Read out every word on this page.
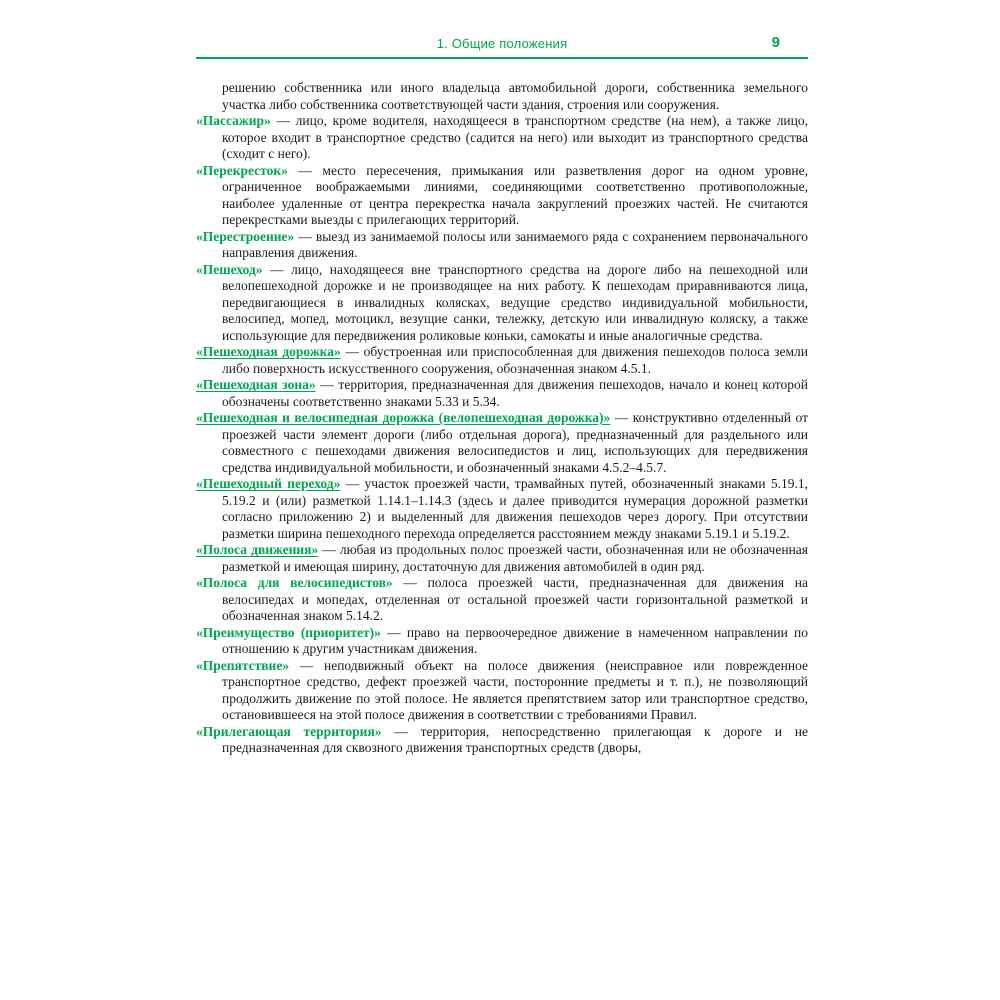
1. Общие положения	9

решению собственника или иного владельца автомобильной дороги, собственника земельного участка либо собственника соответствующей части здания, строения или сооружения.

«Пассажир» — лицо, кроме водителя, находящееся в транспортном средстве (на нем), а также лицо, которое входит в транспортное средство (садится на него) или выходит из транспортного средства (сходит с него).

«Перекресток» — место пересечения, примыкания или разветвления дорог на одном уровне, ограниченное воображаемыми линиями, соединяющими соответственно противоположные, наиболее удаленные от центра перекрестка начала закруглений проезжих частей. Не считаются перекрестками выезды с прилегающих территорий.

«Перестроение» — выезд из занимаемой полосы или занимаемого ряда с сохранением первоначального направления движения.

«Пешеход» — лицо, находящееся вне транспортного средства на дороге либо на пешеходной или велопешеходной дорожке и не производящее на них работу. К пешеходам приравниваются лица, передвигающиеся в инвалидных колясках, ведущие средство индивидуальной мобильности, велосипед, мопед, мотоцикл, везущие санки, тележку, детскую или инвалидную коляску, а также использующие для передвижения роликовые коньки, самокаты и иные аналогичные средства.

«Пешеходная дорожка» — обустроенная или приспособленная для движения пешеходов полоса земли либо поверхность искусственного сооружения, обозначенная знаком 4.5.1.

«Пешеходная зона» — территория, предназначенная для движения пешеходов, начало и конец которой обозначены соответственно знаками 5.33 и 5.34.

«Пешеходная и велосипедная дорожка (велопешеходная дорожка)» — конструктивно отделенный от проезжей части элемент дороги (либо отдельная дорога), предназначенный для раздельного или совместного с пешеходами движения велосипедистов и лиц, использующих для передвижения средства индивидуальной мобильности, и обозначенный знаками 4.5.2–4.5.7.

«Пешеходный переход» — участок проезжей части, трамвайных путей, обозначенный знаками 5.19.1, 5.19.2 и (или) разметкой 1.14.1–1.14.3 (здесь и далее приводится нумерация дорожной разметки согласно приложению 2) и выделенный для движения пешеходов через дорогу. При отсутствии разметки ширина пешеходного перехода определяется расстоянием между знаками 5.19.1 и 5.19.2.

«Полоса движения» — любая из продольных полос проезжей части, обозначенная или не обозначенная разметкой и имеющая ширину, достаточную для движения автомобилей в один ряд.

«Полоса для велосипедистов» — полоса проезжей части, предназначенная для движения на велосипедах и мопедах, отделенная от остальной проезжей части горизонтальной разметкой и обозначенная знаком 5.14.2.

«Преимущество (приоритет)» — право на первоочередное движение в намеченном направлении по отношению к другим участникам движения.

«Препятствие» — неподвижный объект на полосе движения (неисправное или поврежденное транспортное средство, дефект проезжей части, посторонние предметы и т. п.), не позволяющий продолжить движение по этой полосе. Не является препятствием затор или транспортное средство, остановившееся на этой полосе движения в соответствии с требованиями Правил.

«Прилегающая территория» — территория, непосредственно прилегающая к дороге и не предназначенная для сквозного движения транспортных средств (дворы,
